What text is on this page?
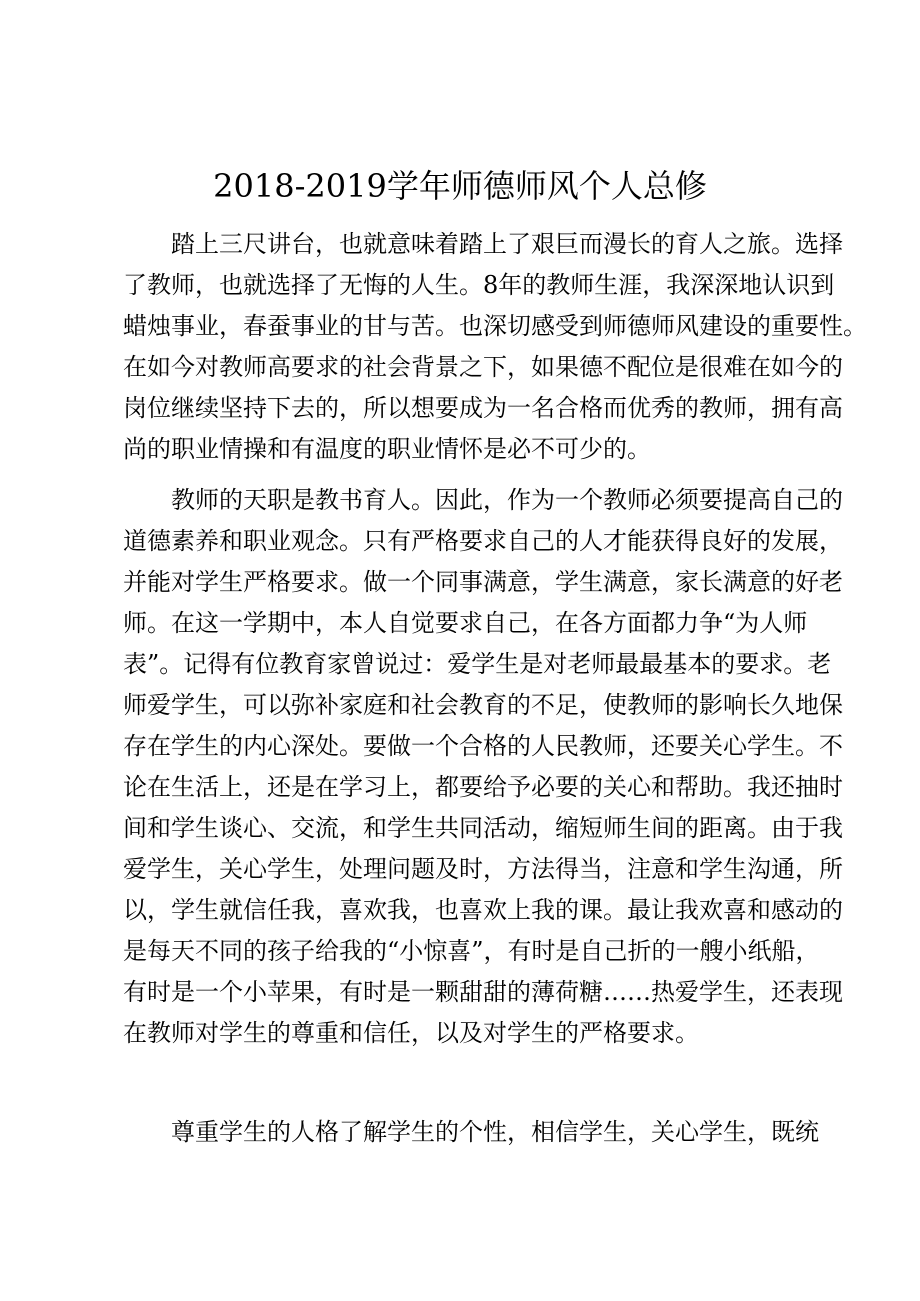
2018-2019学年师德师风个人总修
踏上三尺讲台，也就意味着踏上了艰巨而漫长的育人之旅。选择
了教师，也就选择了无悔的人生。8年的教师生涯，我深深地认识到
蜡烛事业，春蚕事业的甘与苦。也深切感受到师德师风建设的重要性。
在如今对教师高要求的社会背景之下，如果德不配位是很难在如今的
岗位继续坚持下去的，所以想要成为一名合格而优秀的教师，拥有高
尚的职业情操和有温度的职业情怀是必不可少的。
教师的天职是教书育人。因此，作为一个教师必须要提高自己的
道德素养和职业观念。只有严格要求自己的人才能获得良好的发展，
并能对学生严格要求。做一个同事满意，学生满意，家长满意的好老
师。在这一学期中，本人自觉要求自己，在各方面都力争“为人师
表”。记得有位教育家曾说过：爱学生是对老师最最基本的要求。老
师爱学生，可以弥补家庭和社会教育的不足，使教师的影响长久地保
存在学生的内心深处。要做一个合格的人民教师，还要关心学生。不
论在生活上，还是在学习上，都要给予必要的关心和帮助。我还抽时
间和学生谈心、交流，和学生共同活动，缩短师生间的距离。由于我
爱学生，关心学生，处理问题及时，方法得当，注意和学生沟通，所
以，学生就信任我，喜欢我，也喜欢上我的课。最让我欢喜和感动的
是每天不同的孩子给我的“小惊喜”，有时是自己折的一艘小纸船，
有时是一个小苹果，有时是一颗甜甜的薄荷糖……热爱学生，还表现
在教师对学生的尊重和信任，以及对学生的严格要求。
尊重学生的人格了解学生的个性，相信学生，关心学生，既统
